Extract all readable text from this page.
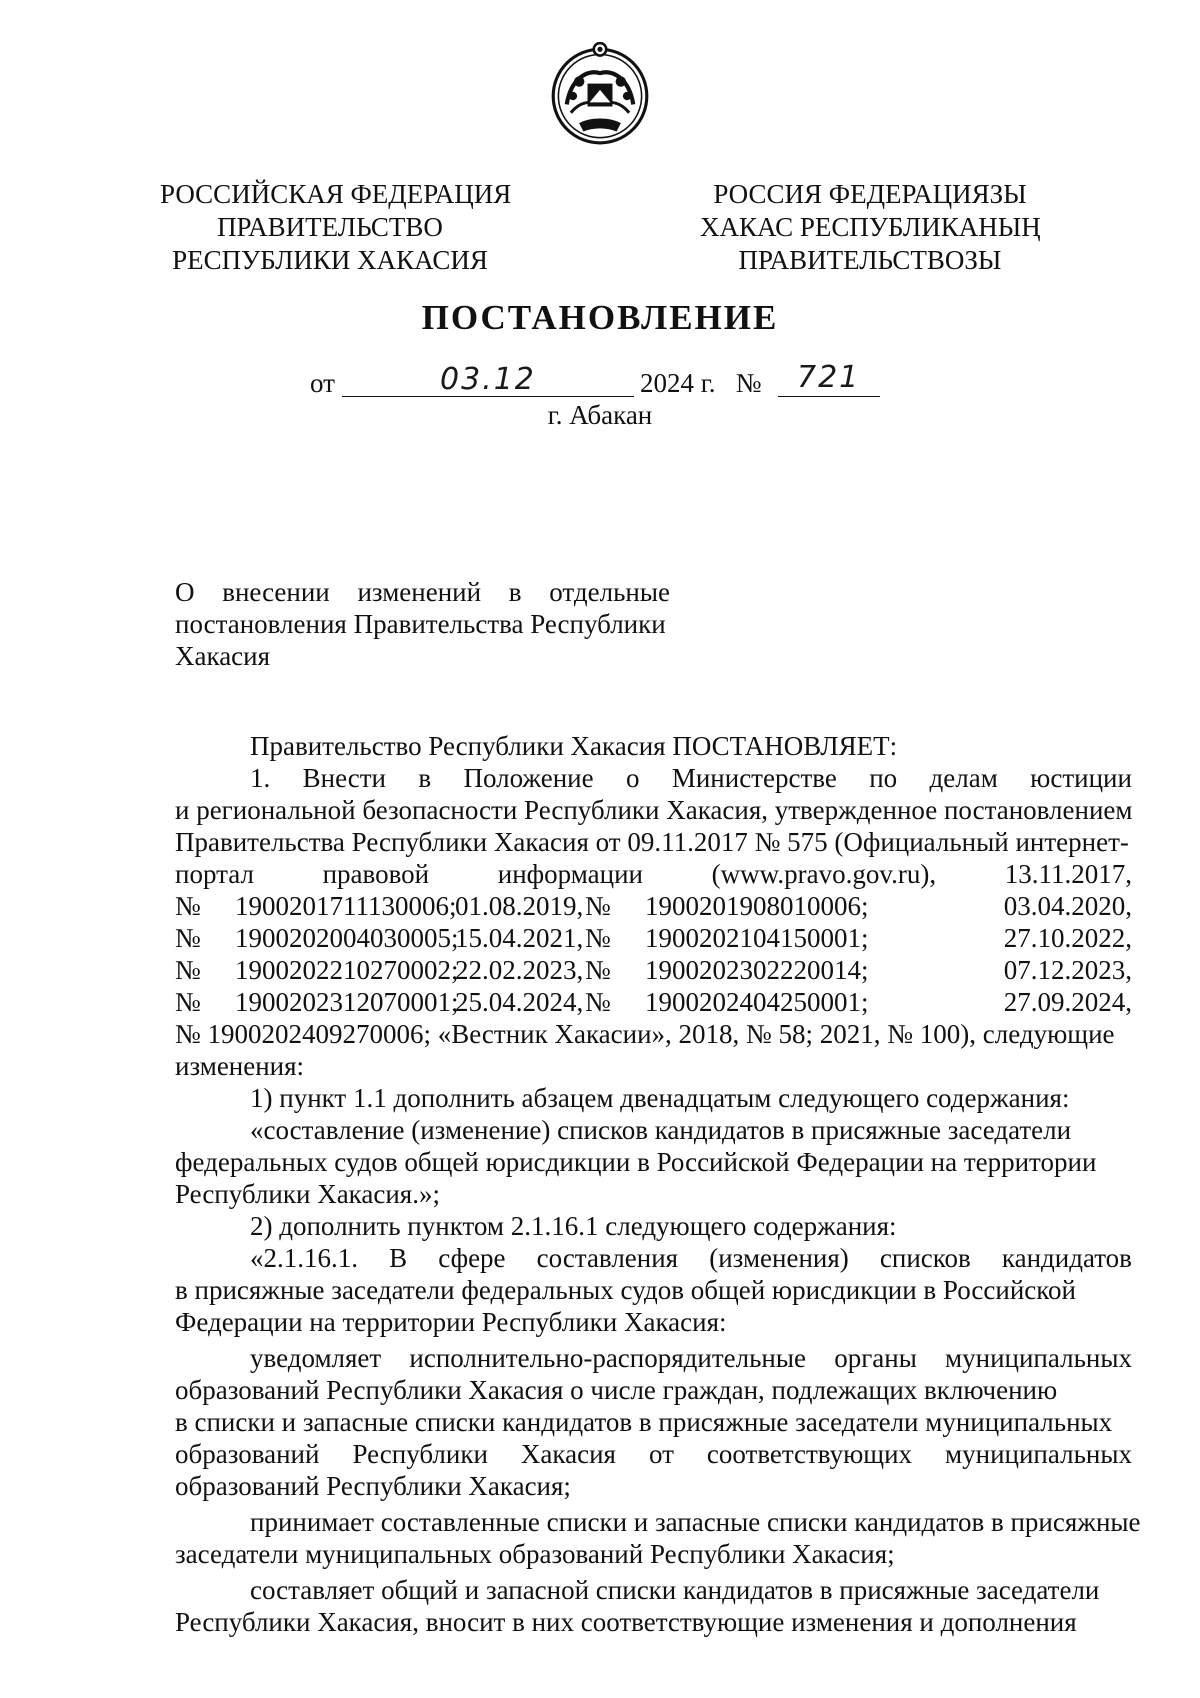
РОССИЙСКАЯ ФЕДЕРАЦИЯ
ПРАВИТЕЛЬСТВО
РЕСПУБЛИКИ ХАКАСИЯ
РОССИЯ ФЕДЕРАЦИЯЗЫ
ХАКАС РЕСПУБЛИКАНЫҢ
ПРАВИТЕЛЬСТВОЗЫ
ПОСТАНОВЛЕНИЕ
от	03.12	2024 г. № 721
г. Абакан
О внесении изменений в отдельные
постановления Правительства Республики
Хакасия
Правительство Республики Хакасия ПОСТАНОВЛЯЕТ:
1. Внести в Положение о Министерстве по делам юстиции
и региональной безопасности Республики Хакасия, утвержденное постановлением
Правительства Республики Хакасия от 09.11.2017 № 575 (Официальный интернет-
портал	правовой	информации	(www.pravo.gov.ru),	13.11.2017,
№	1900201711130006;
01.08.2019, №	1900201908010006;	03.04.2020,
№	1900202004030005;
15.04.2021, №	1900202104150001;	27.10.2022,
№	1900202210270002;
22.02.2023, №	1900202302220014;	07.12.2023,
№	1900202312070001;
25.04.2024, №	1900202404250001;	27.09.2024,
№ 1900202409270006; «Вестник Хакасии», 2018, № 58; 2021, № 100), следующие
изменения:
1) пункт 1.1 дополнить абзацем двенадцатым следующего содержания:
«составление (изменение) списков кандидатов в присяжные заседатели
федеральных судов общей юрисдикции в Российской Федерации на территории
Республики Хакасия.»;
2) дополнить пунктом 2.1.16.1 следующего содержания:
«2.1.16.1. В сфере составления (изменения) списков кандидатов
в присяжные заседатели федеральных судов общей юрисдикции в Российской
Федерации на территории Республики Хакасия:
уведомляет исполнительно-распорядительные органы муниципальных
образований Республики Хакасия о числе граждан, подлежащих включению
в списки и запасные списки кандидатов в присяжные заседатели муниципальных
образований Республики Хакасия от соответствующих муниципальных
образований Республики Хакасия;
принимает составленные списки и запасные списки кандидатов в присяжные
заседатели муниципальных образований Республики Хакасия;
составляет общий и запасной списки кандидатов в присяжные заседатели
Республики Хакасия, вносит в них соответствующие изменения и дополнения
